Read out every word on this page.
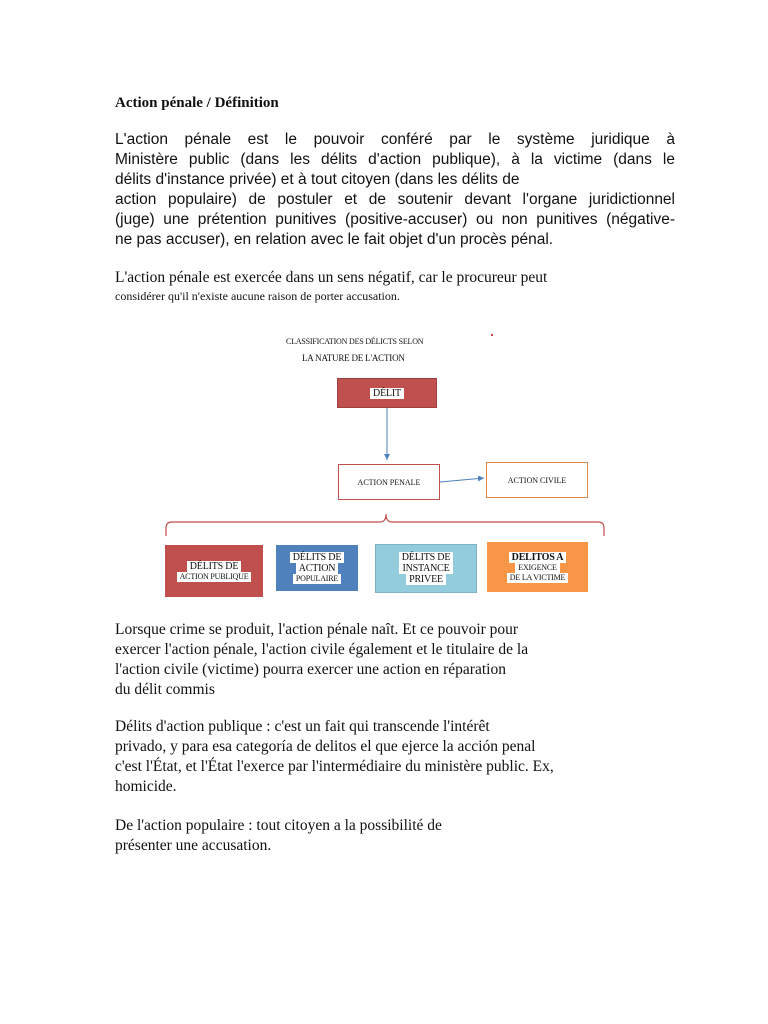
Action pénale / Définition
L'action pénale est le pouvoir conféré par le système juridique à
Ministère public (dans les délits d'action publique), à la victime (dans le
délits d'instance privée) et à tout citoyen (dans les délits de
action populaire) de postuler et de soutenir devant l'organe juridictionnel
(juge) une prétention punitives (positive-accuser) ou non punitives (négative-
ne pas accuser), en relation avec le fait objet d'un procès pénal.
L'action pénale est exercée dans un sens négatif, car le procureur peut
considérer qu'il n'existe aucune raison de porter accusation.
CLASSIFICATION DES DÉLICTS SELON
LA NATURE DE L'ACTION
DÉLIT
ACTION PENALE	ACTION CIVILE
DÉLITS DE
ACTION PUBLIQUE
DÉLITS DE
ACTION
POPULAIRE
DÉLITS DE
INSTANCE
PRIVEE
DELITOS A
EXIGENCE
DE LA VICTIME
Lorsque crime se produit, l'action pénale naît. Et ce pouvoir pour
exercer l'action pénale, l'action civile également et le titulaire de la
l'action civile (victime) pourra exercer une action en réparation
du délit commis
Délits d'action publique : c'est un fait qui transcende l'intérêt
privado, y para esa categoría de delitos el que ejerce la acción penal
c'est l'État, et l'État l'exerce par l'intermédiaire du ministère public. Ex,
homicide.
De l'action populaire : tout citoyen a la possibilité de
présenter une accusation.
